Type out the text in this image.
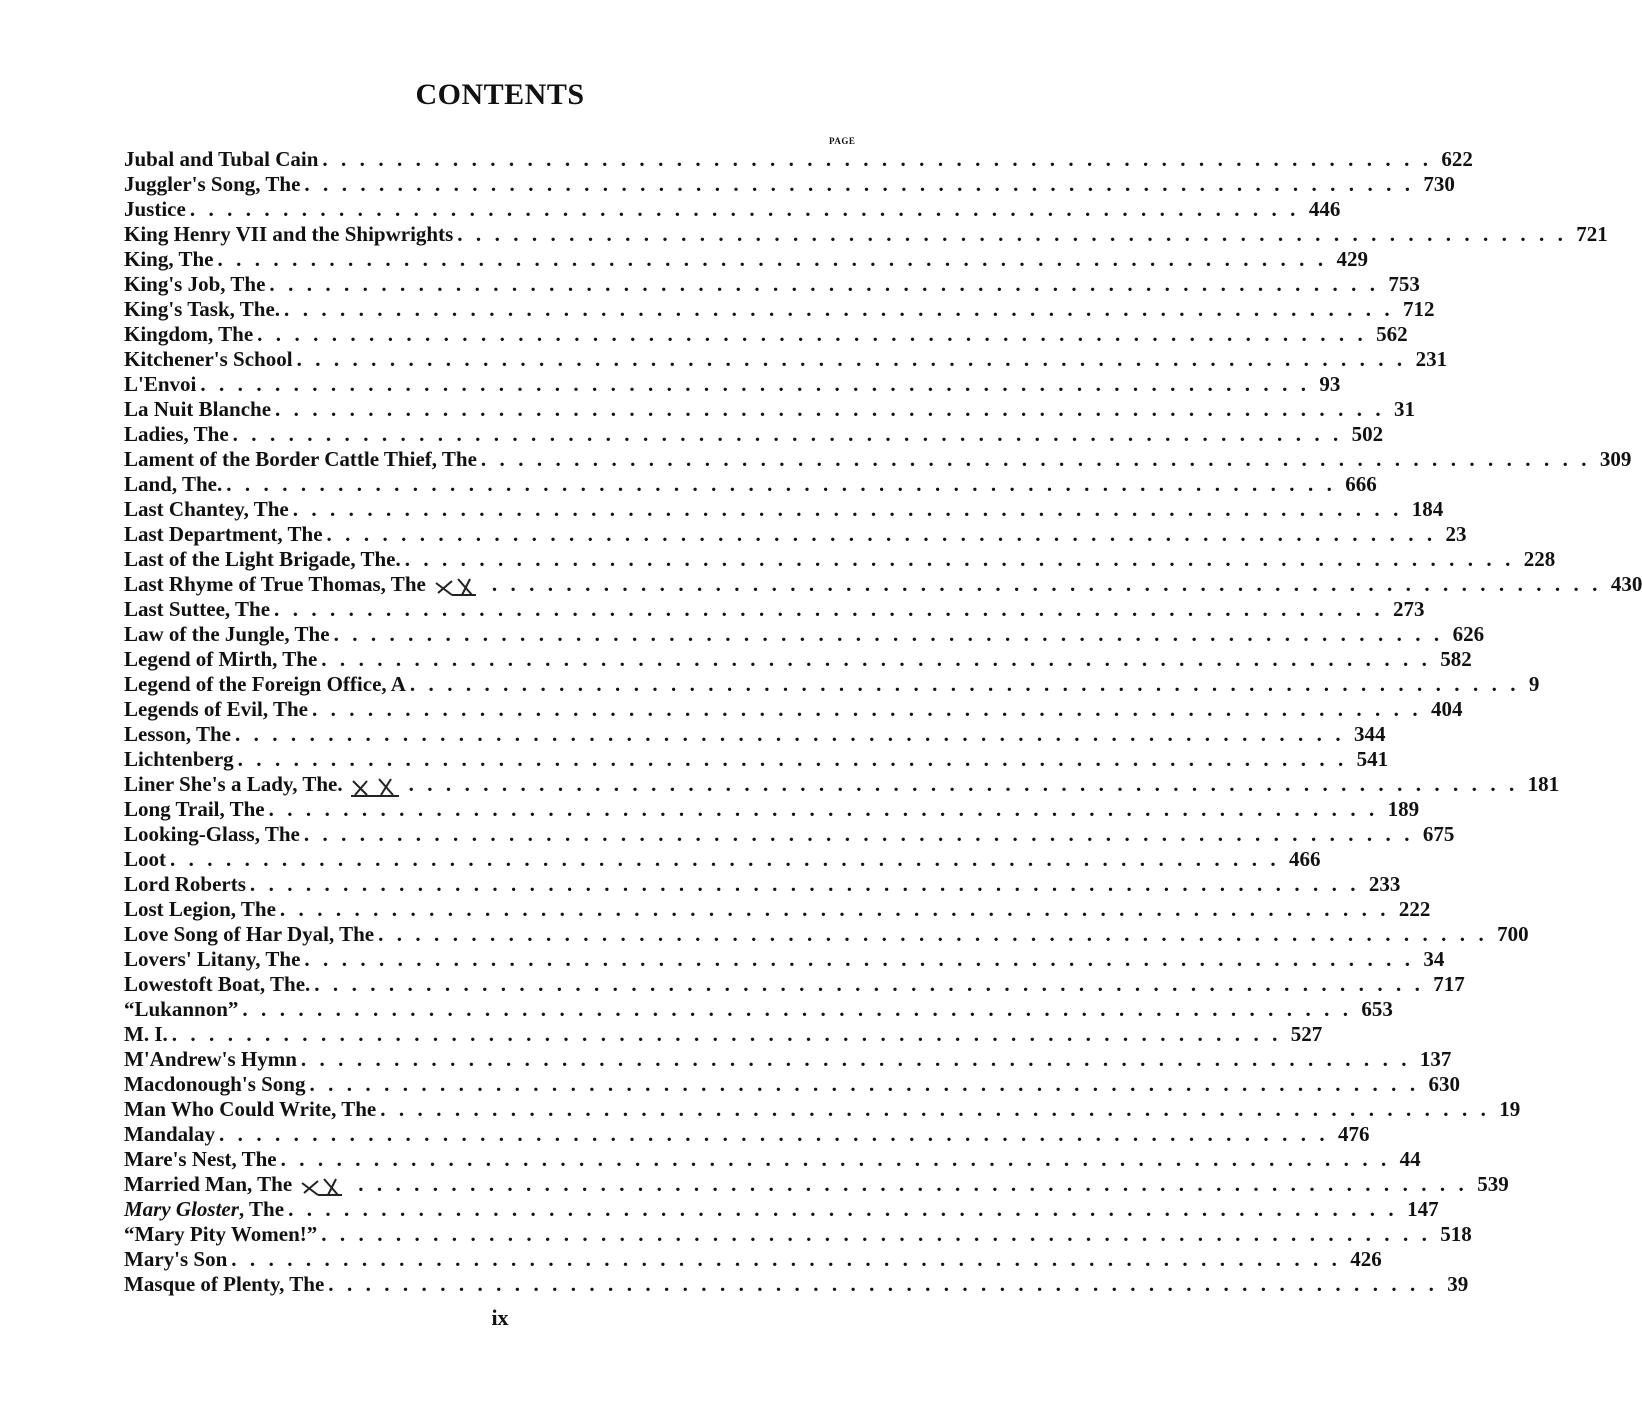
CONTENTS
PAGE
Jubal and Tubal Cain ............................................................ 622
Juggler's Song, The ............................................................ 730
Justice ............................................................ 446
King Henry VII and the Shipwrights ............................................................ 721
King, The ............................................................ 429
King's Job, The ............................................................ 753
King's Task, The. ............................................................ 712
Kingdom, The ............................................................ 562
Kitchener's School ............................................................ 231
L'Envoi ............................................................ 93
La Nuit Blanche ............................................................ 31
Ladies, The ............................................................ 502
Lament of the Border Cattle Thief, The ............................................................ 309
Land, The. ............................................................ 666
Last Chantey, The ............................................................ 184
Last Department, The ............................................................ 23
Last of the Light Brigade, The. ............................................................ 228
Last Rhyme of True Thomas, The	............................................................ 430
Last Suttee, The ............................................................ 273
Law of the Jungle, The ............................................................ 626
Legend of Mirth, The ............................................................ 582
Legend of the Foreign Office, A ............................................................ 9
Legends of Evil, The ............................................................ 404
Lesson, The ............................................................ 344
Lichtenberg ............................................................ 541
Liner She's a Lady, The.	............................................................ 181
Long Trail, The ............................................................ 189
Looking-Glass, The ............................................................ 675
Loot ............................................................ 466
Lord Roberts ............................................................ 233
Lost Legion, The ............................................................ 222
Love Song of Har Dyal, The ............................................................ 700
Lovers' Litany, The ............................................................ 34
Lowestoft Boat, The. ............................................................ 717
“Lukannon” ............................................................ 653
M. I. ............................................................ 527
M'Andrew's Hymn ............................................................ 137
Macdonough's Song ............................................................ 630
Man Who Could Write, The ............................................................ 19
Mandalay ............................................................ 476
Mare's Nest, The ............................................................ 44
Married Man, The	............................................................ 539
Mary Gloster, The ............................................................ 147
“Mary Pity Women!” ............................................................ 518
Mary's Son ............................................................ 426
Masque of Plenty, The ............................................................ 39
ix
